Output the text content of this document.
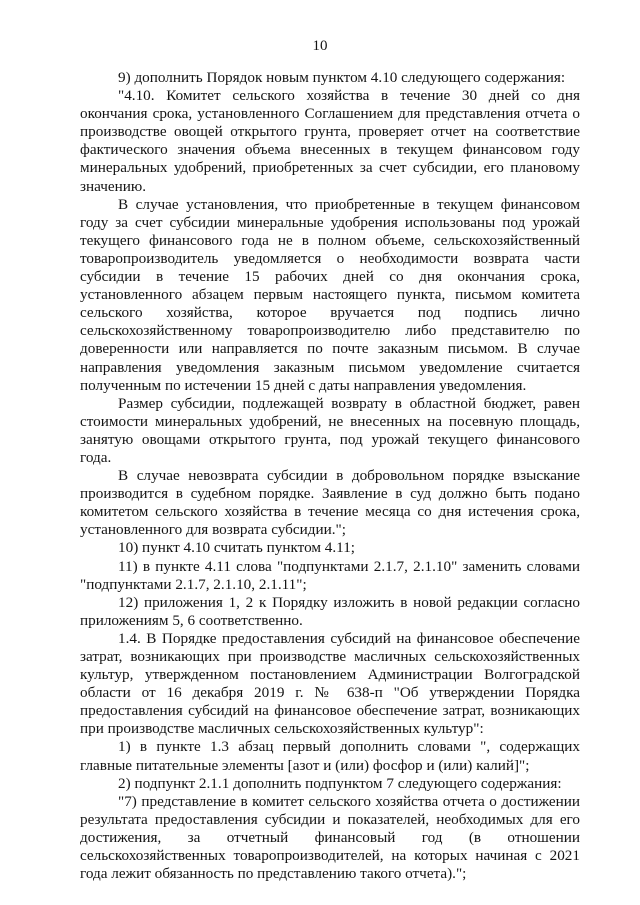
10

9) дополнить Порядок новым пунктом 4.10 следующего содержания:

"4.10. Комитет сельского хозяйства в течение 30 дней со дня окончания срока, установленного Соглашением для представления отчета о производстве овощей открытого грунта, проверяет отчет на соответствие фактического значения объема внесенных в текущем финансовом году минеральных удобрений, приобретенных за счет субсидии, его плановому значению.

В случае установления, что приобретенные в текущем финансовом году за счет субсидии минеральные удобрения использованы под урожай текущего финансового года не в полном объеме, сельскохозяйственный товаропроизводитель уведомляется о необходимости возврата части субсидии в течение 15 рабочих дней со дня окончания срока, установленного абзацем первым настоящего пункта, письмом комитета сельского хозяйства, которое вручается под подпись лично сельскохозяйственному товаропроизводителю либо представителю по доверенности или направляется по почте заказным письмом. В случае направления уведомления заказным письмом уведомление считается полученным по истечении 15 дней с даты направления уведомления.

Размер субсидии, подлежащей возврату в областной бюджет, равен стоимости минеральных удобрений, не внесенных на посевную площадь, занятую овощами открытого грунта, под урожай текущего финансового года.

В случае невозврата субсидии в добровольном порядке взыскание производится в судебном порядке. Заявление в суд должно быть подано комитетом сельского хозяйства в течение месяца со дня истечения срока, установленного для возврата субсидии.";

10) пункт 4.10 считать пунктом 4.11;

11) в пункте 4.11 слова "подпунктами 2.1.7, 2.1.10" заменить словами "подпунктами 2.1.7, 2.1.10, 2.1.11";

12) приложения 1, 2 к Порядку изложить в новой редакции согласно приложениям 5, 6 соответственно.

1.4. В Порядке предоставления субсидий на финансовое обеспечение затрат, возникающих при производстве масличных сельскохозяйственных культур, утвержденном постановлением Администрации Волгоградской области от 16 декабря 2019 г. № 638-п "Об утверждении Порядка предоставления субсидий на финансовое обеспечение затрат, возникающих при производстве масличных сельскохозяйственных культур":

1) в пункте 1.3 абзац первый дополнить словами ", содержащих главные питательные элементы [азот и (или) фосфор и (или) калий]";

2) подпункт 2.1.1 дополнить подпунктом 7 следующего содержания:

"7) представление в комитет сельского хозяйства отчета о достижении результата предоставления субсидии и показателей, необходимых для его достижения, за отчетный финансовый год (в отношении сельскохозяйственных товаропроизводителей, на которых начиная с 2021 года лежит обязанность по представлению такого отчета).";
